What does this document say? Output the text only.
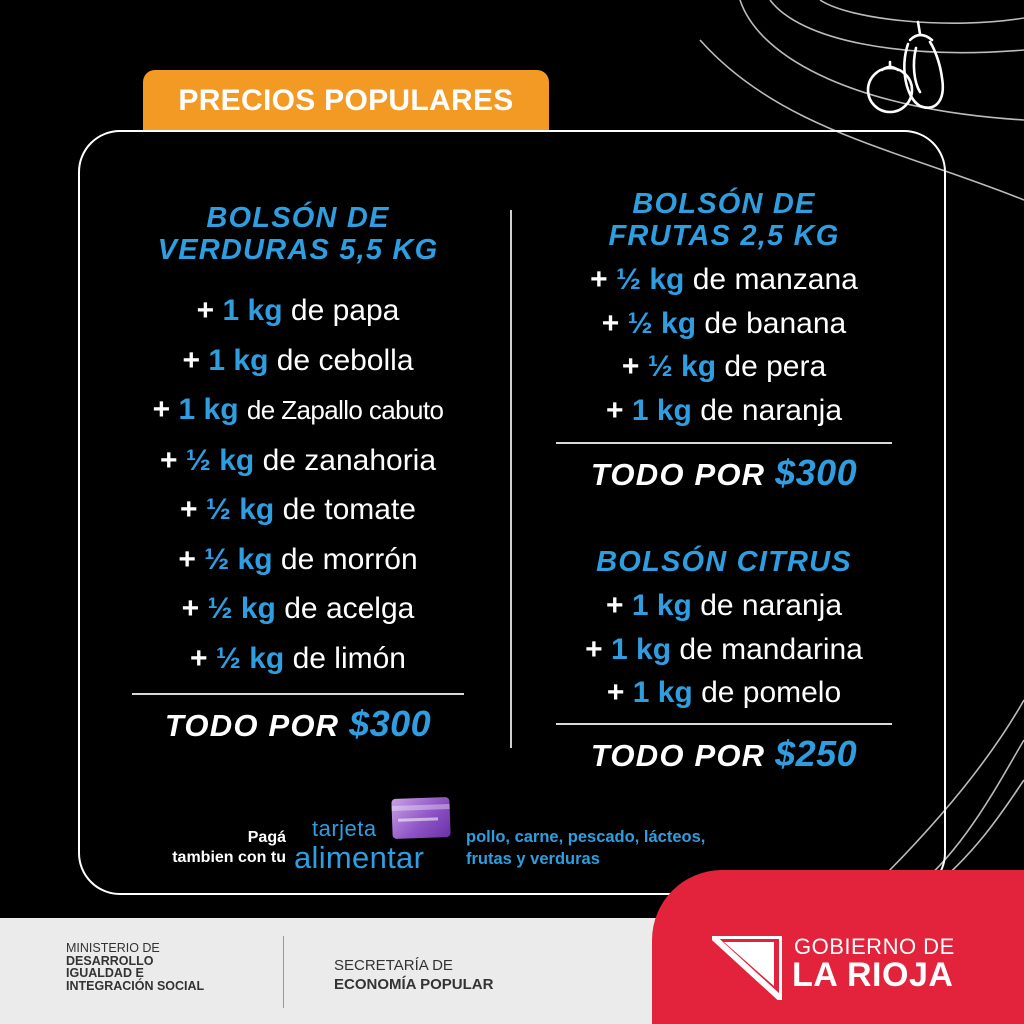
PRECIOS POPULARES
BOLSÓN DE
VERDURAS 5,5 KG
+ 1 kg de papa
+ 1 kg de cebolla
+ 1 kg de Zapallo cabuto
+ ½ kg de zanahoria
+ ½ kg de tomate
+ ½ kg de morrón
+ ½ kg de acelga
+ ½ kg de limón
TODO POR $300
BOLSÓN DE
FRUTAS 2,5 KG
+ ½ kg de manzana
+ ½ kg de banana
+ ½ kg de pera
+ 1 kg de naranja
TODO POR $300
BOLSÓN CITRUS
+ 1 kg de naranja
+ 1 kg de mandarina
+ 1 kg de pomelo
TODO POR $250
Pagá
tambien con tu
tarjeta
alimentar
pollo, carne, pescado, lácteos,
frutas y verduras
MINISTERIO DE
DESARROLLO
IGUALDAD E
INTEGRACIÓN SOCIAL
SECRETARÍA DE
ECONOMÍA POPULAR
GOBIERNO DE
LA RIOJA
